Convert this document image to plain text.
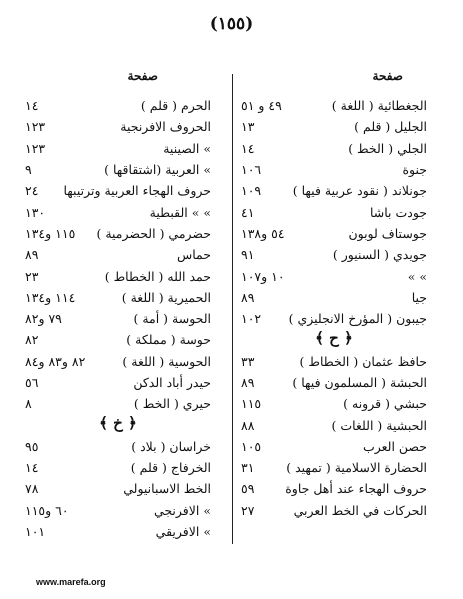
(١٥٥)
صفحة
صفحة
الجغطائية ( اللغة )
٤٩ و ٥١
الجليل ( قلم )
١٣
الجلي ( الخط )
١٤
جنوة
١٠٦
جونلاند ( نقود عربية فيها )
١٠٩
جودت باشا
٤١
جوستاف لوبون
٥٤ و١٣٨
جويدي ( السنيور )
٩١
» »
١٠ و١٠٧
جيا
٨٩
جيبون ( المؤرخ الانجليزي )
١٠٢
﴿ ح ﴾
حافظ عثمان ( الخطاط )
٣٣
الحبشة ( المسلمون فيها )
٨٩
حبشي ( قرونه )
١١٥
الحبشية ( اللغات )
٨٨
حصن العرب
١٠٥
الحضارة الاسلامية ( تمهيد )
٣١
حروف الهجاء عند أهل جاوة
٥٩
الحركات في الخط العربي
٢٧
الحرم ( قلم )
١٤
الحروف الافرنجية
١٢٣
» الصينية
١٢٣
» العربية (اشتقاقها )
٩
حروف الهجاء العربية وترتيبها
٢٤
» » القبطية
١٣٠
حضرمي ( الحضرمية )
١١٥ و١٣٤
حماس
٨٩
حمد الله ( الخطاط )
٢٣
الحميرية ( اللغة )
١١٤ و١٣٤
الحوسة ( أمة )
٧٩ و٨٢
حوسة ( مملكة )
٨٢
الحوسية ( اللغة )
٨٢ و٨٣ و٨٤
حيدر أباد الدكن
٥٦
حيري ( الخط )
٨
﴿ خ ﴾
خراسان ( بلاد )
٩٥
الخرفاج ( قلم )
١٤
الخط الاسبانيولي
٧٨
» الافرنجي
٦٠ و١١٥
» الافريقي
١٠١
www.marefa.org
